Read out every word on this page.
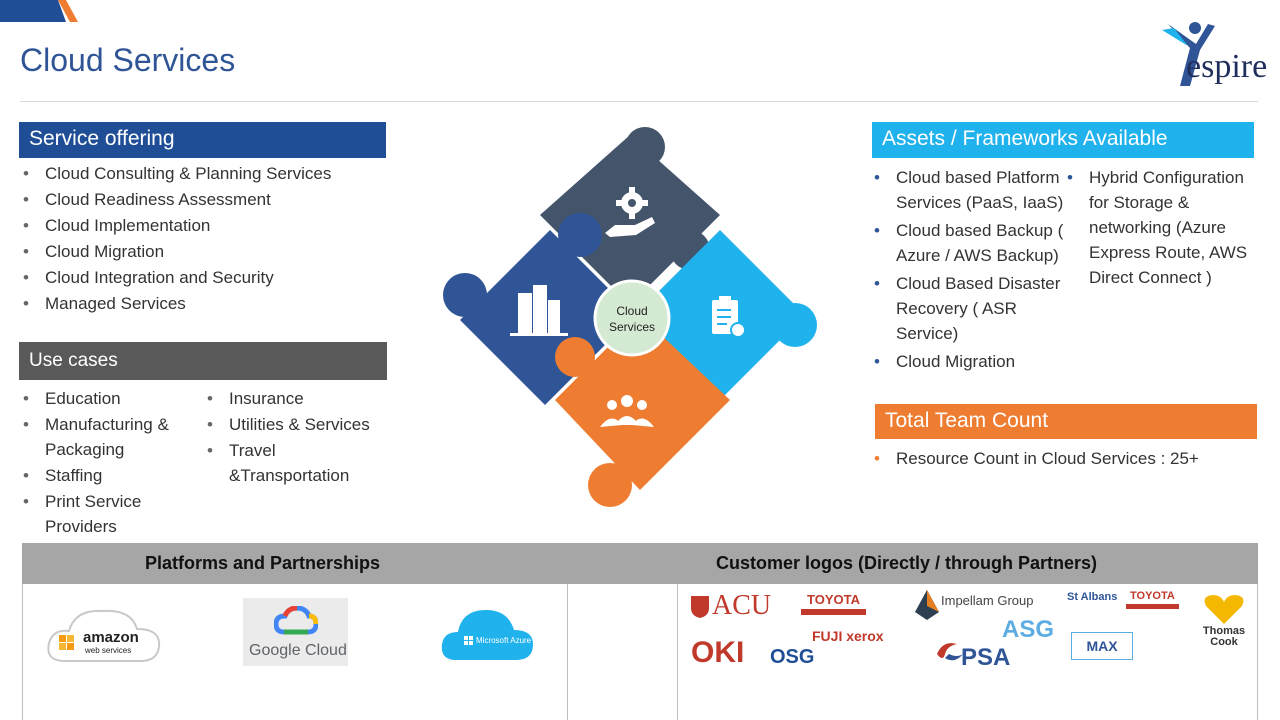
Cloud Services	espire
Service offering
• Cloud Consulting & Planning Services
• Cloud Readiness Assessment
• Cloud Implementation
• Cloud Migration
• Cloud Integration and Security
• Managed Services
Use cases
• Education
• Manufacturing & Packaging
• Staffing
• Print Service Providers
• Insurance
• Utilities & Services
• Travel &Transportation
Cloud
Services
Assets / Frameworks Available
• Cloud based Platform Services (PaaS, IaaS)
• Cloud based Backup ( Azure / AWS Backup)
• Cloud Based Disaster Recovery ( ASR Service)
• Cloud Migration
• Hybrid Configuration for Storage & networking (Azure Express Route, AWS Direct Connect )
Total Team Count
• Resource Count in Cloud Services : 25+
Platforms and Partnerships	Customer logos (Directly / through Partners)
amazon
web services	Google Cloud
Microsoft Azure
ACU	TOYOTA	Impellam Group	St Albans	TOYOTA
Thomas Cook
FUJI xerox	ASG
OKI OSG	PSA	MAX
